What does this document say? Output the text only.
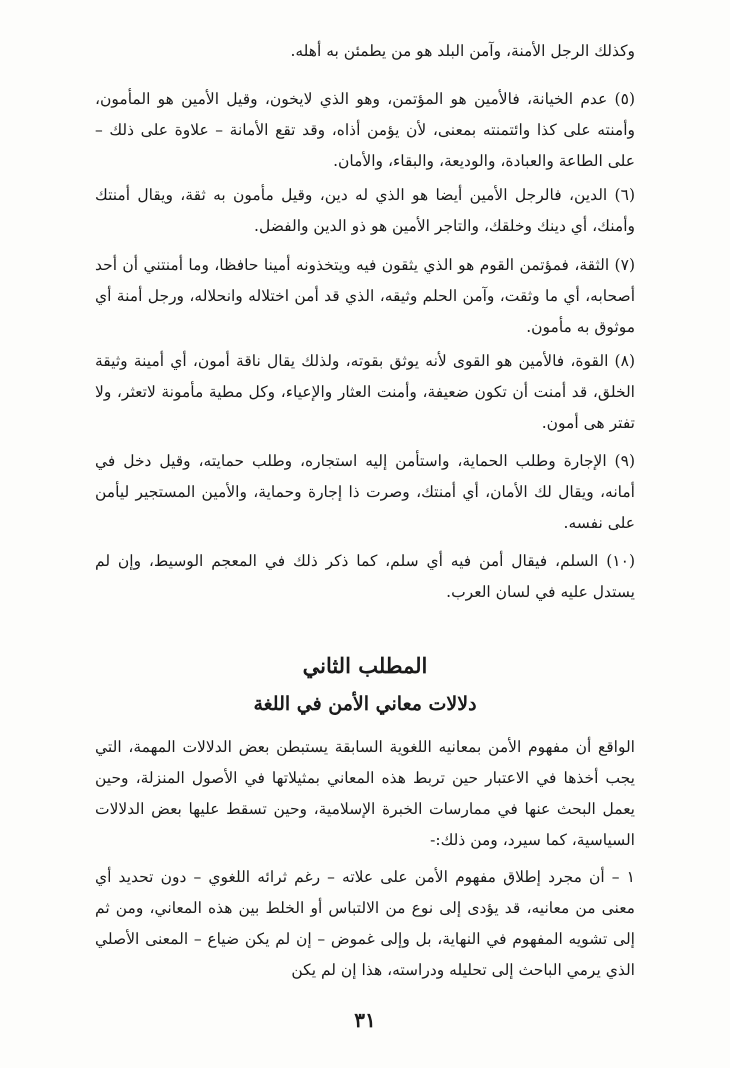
وكذلك الرجل الأمنة، وآمن البلد هو من يطمئن به أهله.

(٥) عدم الخيانة، فالأمين هو المؤتمن، وهو الذي لايخون، وقيل الأمين هو المأمون، وأمنته على كذا وائتمنته بمعنى، لأن يؤمن أذاه، وقد تقع الأمانة – علاوة على ذلك – على الطاعة والعبادة، والوديعة، والبقاء، والأمان.

(٦) الدين، فالرجل الأمين أيضا هو الذي له دين، وقيل مأمون به ثقة، ويقال أمنتك وأمنك، أي دينك وخلقك، والتاجر الأمين هو ذو الدين والفضل.

(٧) الثقة، فمؤتمن القوم هو الذي يثقون فيه ويتخذونه أمينا حافظا، وما أمنتني أن أحد أصحابه، أي ما وثقت، وآمن الحلم وثيقه، الذي قد أمن اختلاله وانحلاله، ورجل أمنة أي موثوق به مأمون.

(٨) القوة، فالأمين هو القوى لأنه يوثق بقوته، ولذلك يقال ناقة أمون، أي أمينة وثيقة الخلق، قد أمنت أن تكون ضعيفة، وأمنت العثار والإعياء، وكل مطية مأمونة لاتعثر، ولا تفتر هى أمون.

(٩) الإجارة وطلب الحماية، واستأمن إليه استجاره، وطلب حمايته، وقيل دخل في أمانه، ويقال لك الأمان، أي أمنتك، وصرت ذا إجارة وحماية، والأمين المستجير ليأمن على نفسه.

(١٠) السلم، فيقال أمن فيه أي سلم، كما ذكر ذلك في المعجم الوسيط، وإن لم يستدل عليه في لسان العرب.

المطلب الثاني
دلالات معاني الأمن في اللغة

الواقع أن مفهوم الأمن بمعانيه اللغوية السابقة يستبطن بعض الدلالات المهمة، التي يجب أخذها في الاعتبار حين تربط هذه المعاني بمثيلاتها في الأصول المنزلة، وحين يعمل البحث عنها في ممارسات الخبرة الإسلامية، وحين تسقط عليها بعض الدلالات السياسية، كما سيرد، ومن ذلك:-

١ – أن مجرد إطلاق مفهوم الأمن على علاته – رغم ثرائه اللغوي – دون تحديد أي معنى من معانيه، قد يؤدى إلى نوع من الالتباس أو الخلط بين هذه المعاني، ومن ثم إلى تشويه المفهوم في النهاية، بل وإلى غموض – إن لم يكن ضياع – المعنى الأصلي الذي يرمي الباحث إلى تحليله ودراسته، هذا إن لم يكن

٣١
